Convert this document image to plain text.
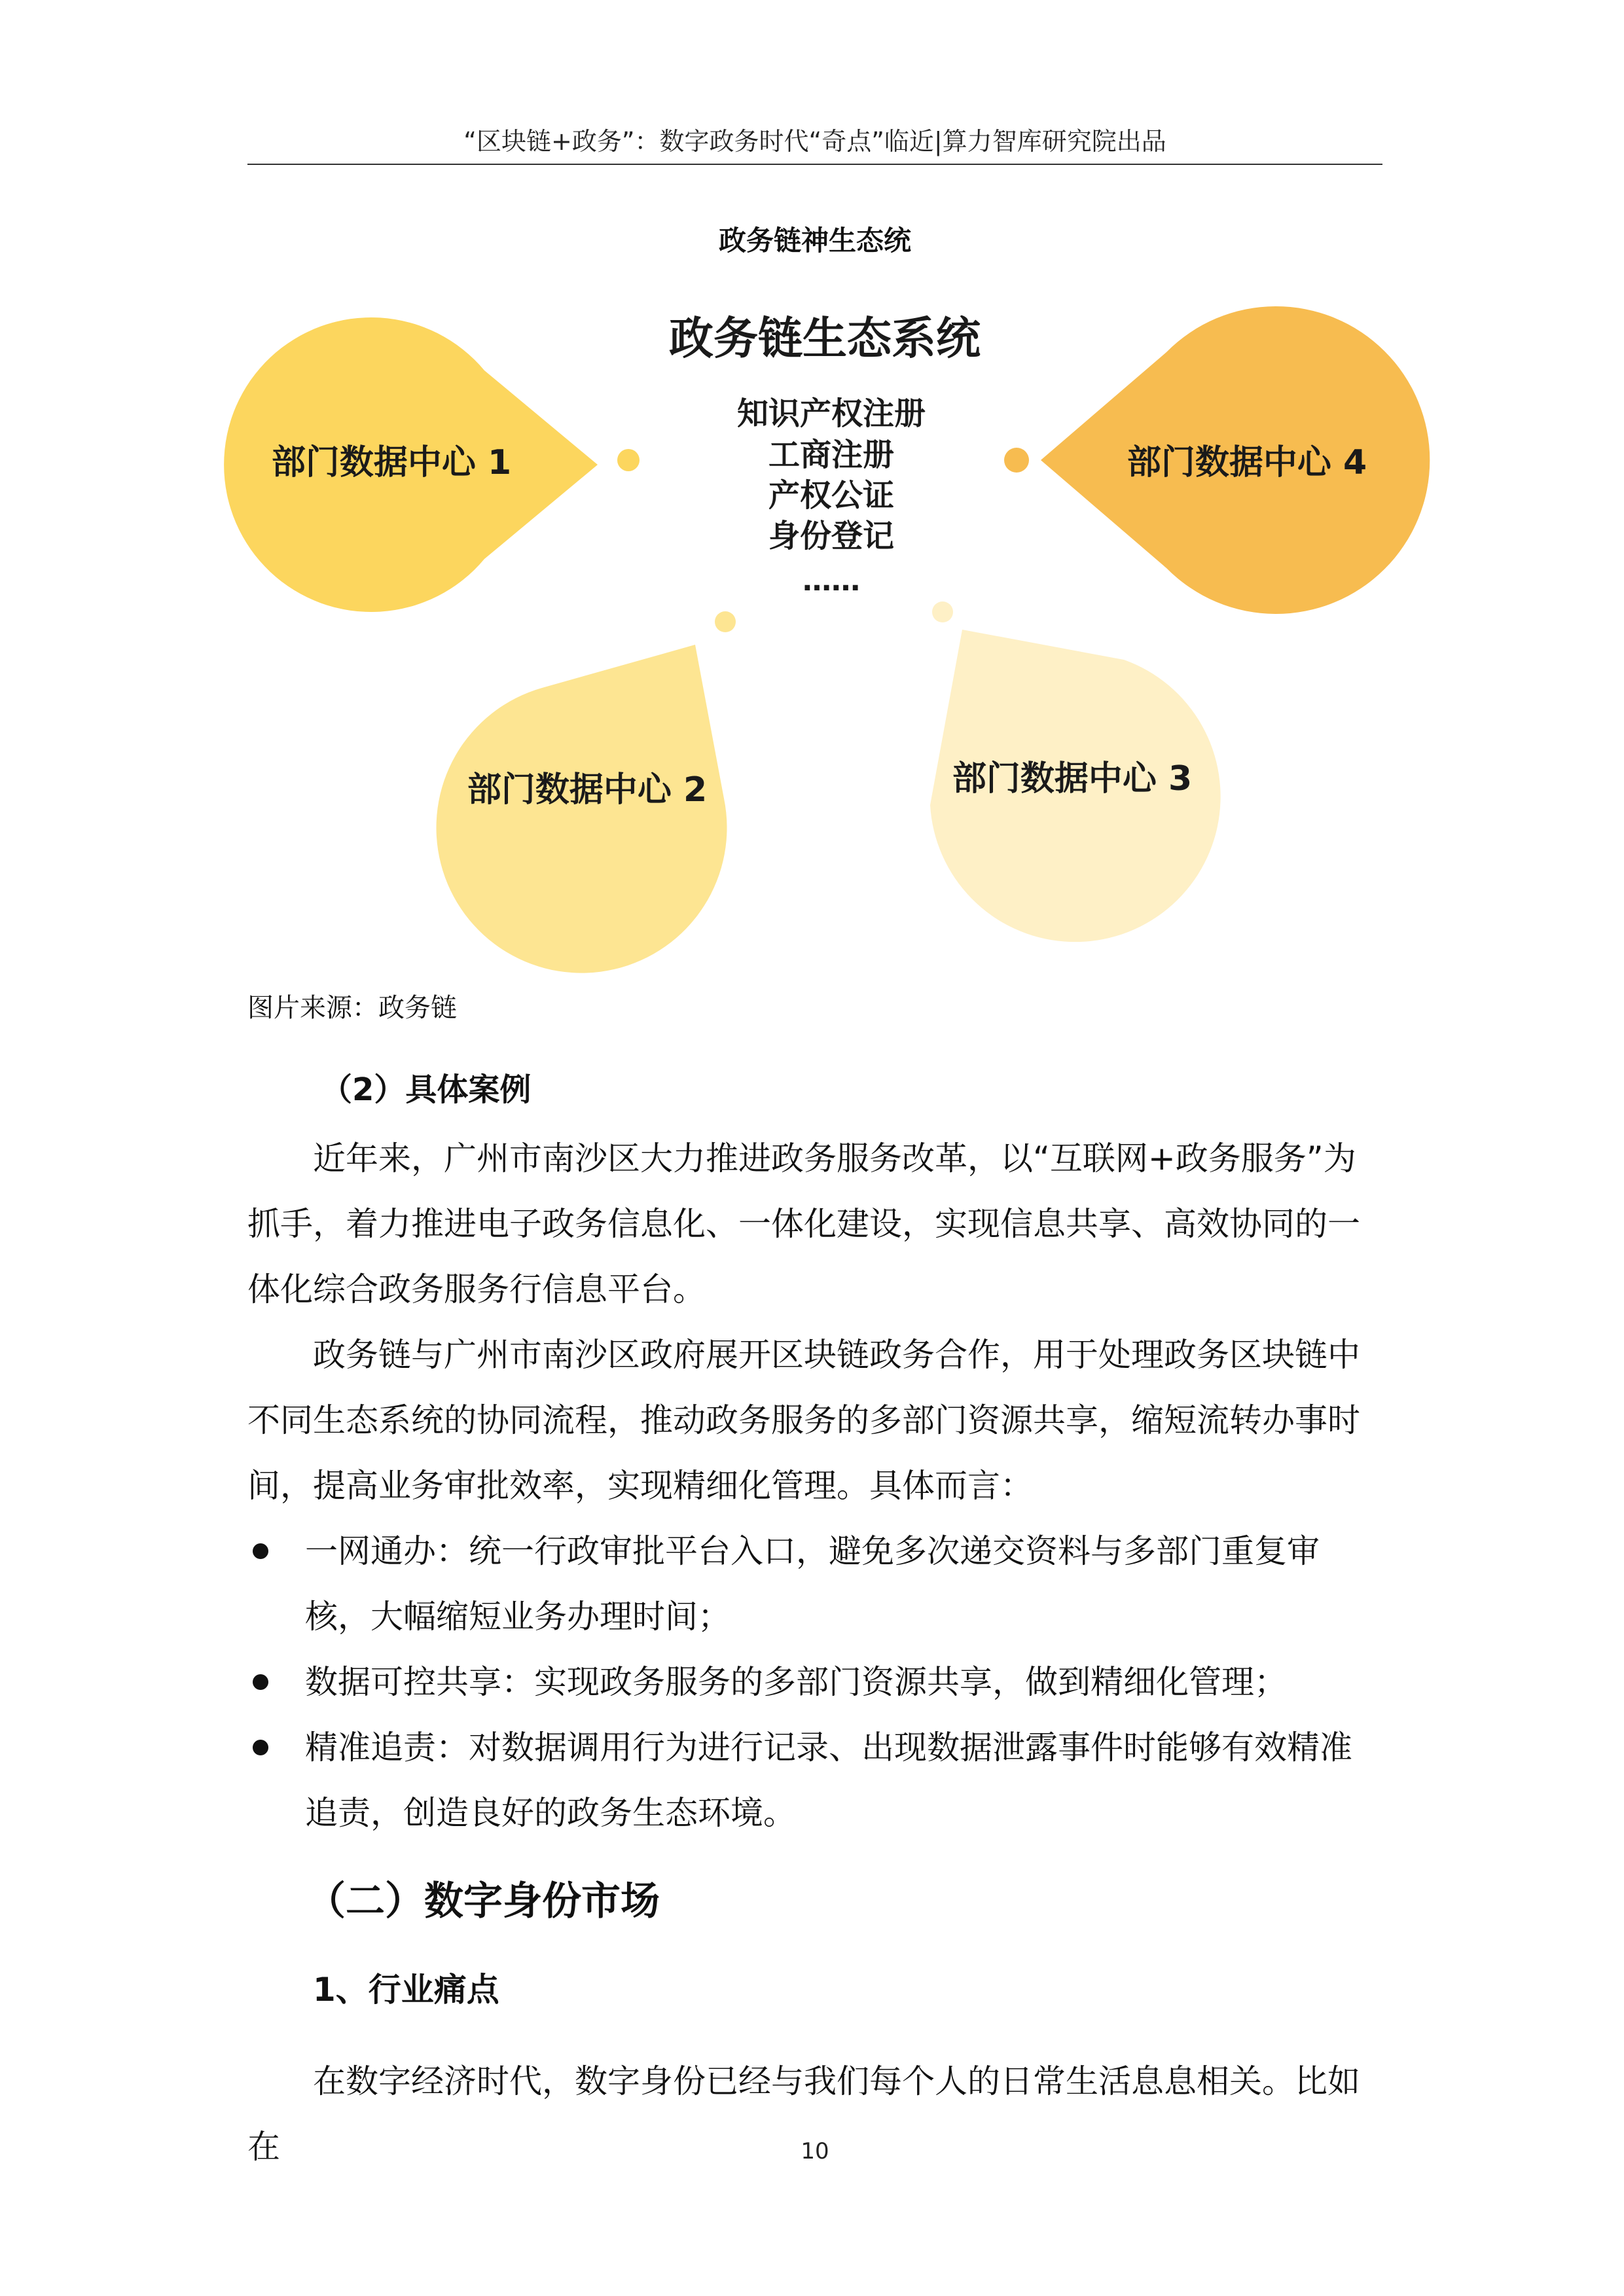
“区块链+政务”：数字政务时代“奇点”临近|算力智库研究院出品
政务链神生态统
部门数据中心 1	部门数据中心 4
部门数据中心 2	部门数据中心 3
政务链生态系统
知识产权注册
工商注册
产权公证
身份登记
……
图片来源：政务链
（2）具体案例
近年来，广州市南沙区大力推进政务服务改革，以“互联网+政务服务”为抓手，着力推进电子政务信息化、一体化建设，实现信息共享、高效协同的一体化综合政务服务行信息平台。
政务链与广州市南沙区政府展开区块链政务合作，用于处理政务区块链中不同生态系统的协同流程，推动政务服务的多部门资源共享，缩短流转办事时间，提高业务审批效率，实现精细化管理。具体而言：
一网通办：统一行政审批平台入口，避免多次递交资料与多部门重复审核，大幅缩短业务办理时间；
数据可控共享：实现政务服务的多部门资源共享，做到精细化管理；
精准追责：对数据调用行为进行记录、出现数据泄露事件时能够有效精准追责，创造良好的政务生态环境。
（二）数字身份市场
1、行业痛点
在数字经济时代，数字身份已经与我们每个人的日常生活息息相关。比如在	10
